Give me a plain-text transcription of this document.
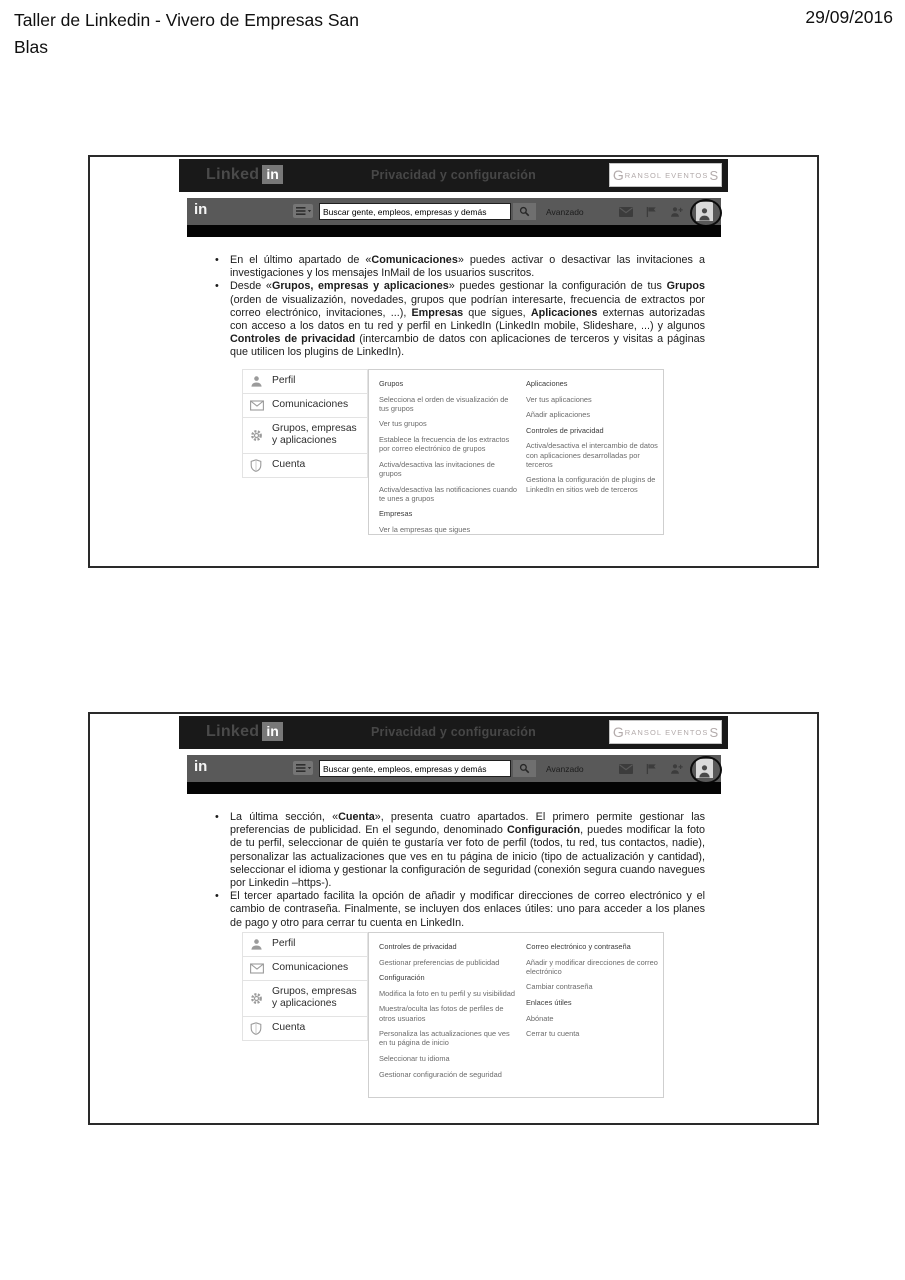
Taller de Linkedin - Vivero de Empresas San Blas
29/09/2016
Privacidad y configuración
Linked in	G RANSOL EVENTOS S
in
Buscar gente, empleos, empresas y demás	Avanzado
• En el último apartado de «Comunicaciones» puedes activar o desactivar las invitaciones a investigaciones y los mensajes InMail de los usuarios suscritos.
• Desde «Grupos, empresas y aplicaciones» puedes gestionar la configuración de tus Grupos (orden de visualizazión, novedades, grupos que podrían interesarte, frecuencia de extractos por correo electrónico, invitaciones, ...), Empresas que sigues, Aplicaciones externas autorizadas con acceso a los datos en tu red y perfil en LinkedIn (LinkedIn mobile, Slideshare, ...) y algunos Controles de privacidad (intercambio de datos con aplicaciones de terceros y visitas a páginas que utilicen los plugins de LinkedIn).
Perfil
Comunicaciones
Grupos, empresas y aplicaciones
Cuenta
Grupos
Selecciona el orden de visualización de tus grupos
Ver tus grupos
Establece la frecuencia de los extractos por correo electrónico de grupos
Activa/desactiva las invitaciones de grupos
Activa/desactiva las notificaciones cuando te unes a grupos
Empresas
Ver la empresas que sigues
Aplicaciones
Ver tus aplicaciones
Añadir aplicaciones
Controles de privacidad
Activa/desactiva el intercambio de datos con aplicaciones desarrolladas por terceros
Gestiona la configuración de plugins de LinkedIn en sitios web de terceros
Privacidad y configuración
Linked in	G RANSOL EVENTOS S
in
Buscar gente, empleos, empresas y demás	Avanzado
• La última sección, «Cuenta», presenta cuatro apartados. El primero permite gestionar las preferencias de publicidad. En el segundo, denominado Configuración, puedes modificar la foto de tu perfil, seleccionar de quién te gustaría ver foto de perfil (todos, tu red, tus contactos, nadie), personalizar las actualizaciones que ves en tu página de inicio (tipo de actualización y cantidad), seleccionar el idioma y gestionar la configuración de seguridad (conexión segura cuando navegues por Linkedin –https-).
• El tercer apartado facilita la opción de añadir y modificar direcciones de correo electrónico y el cambio de contraseña. Finalmente, se incluyen dos enlaces útiles: uno para acceder a los planes de pago y otro para cerrar tu cuenta en LinkedIn.
Perfil
Comunicaciones
Grupos, empresas y aplicaciones
Cuenta
Controles de privacidad
Gestionar preferencias de publicidad
Configuración
Modifica la foto en tu perfil y su visibilidad
Muestra/oculta las fotos de perfiles de otros usuarios
Personaliza las actualizaciones que ves en tu página de inicio
Seleccionar tu idioma
Gestionar configuración de seguridad
Correo electrónico y contraseña
Añadir y modificar direcciones de correo electrónico
Cambiar contraseña
Enlaces útiles
Abónate
Cerrar tu cuenta
